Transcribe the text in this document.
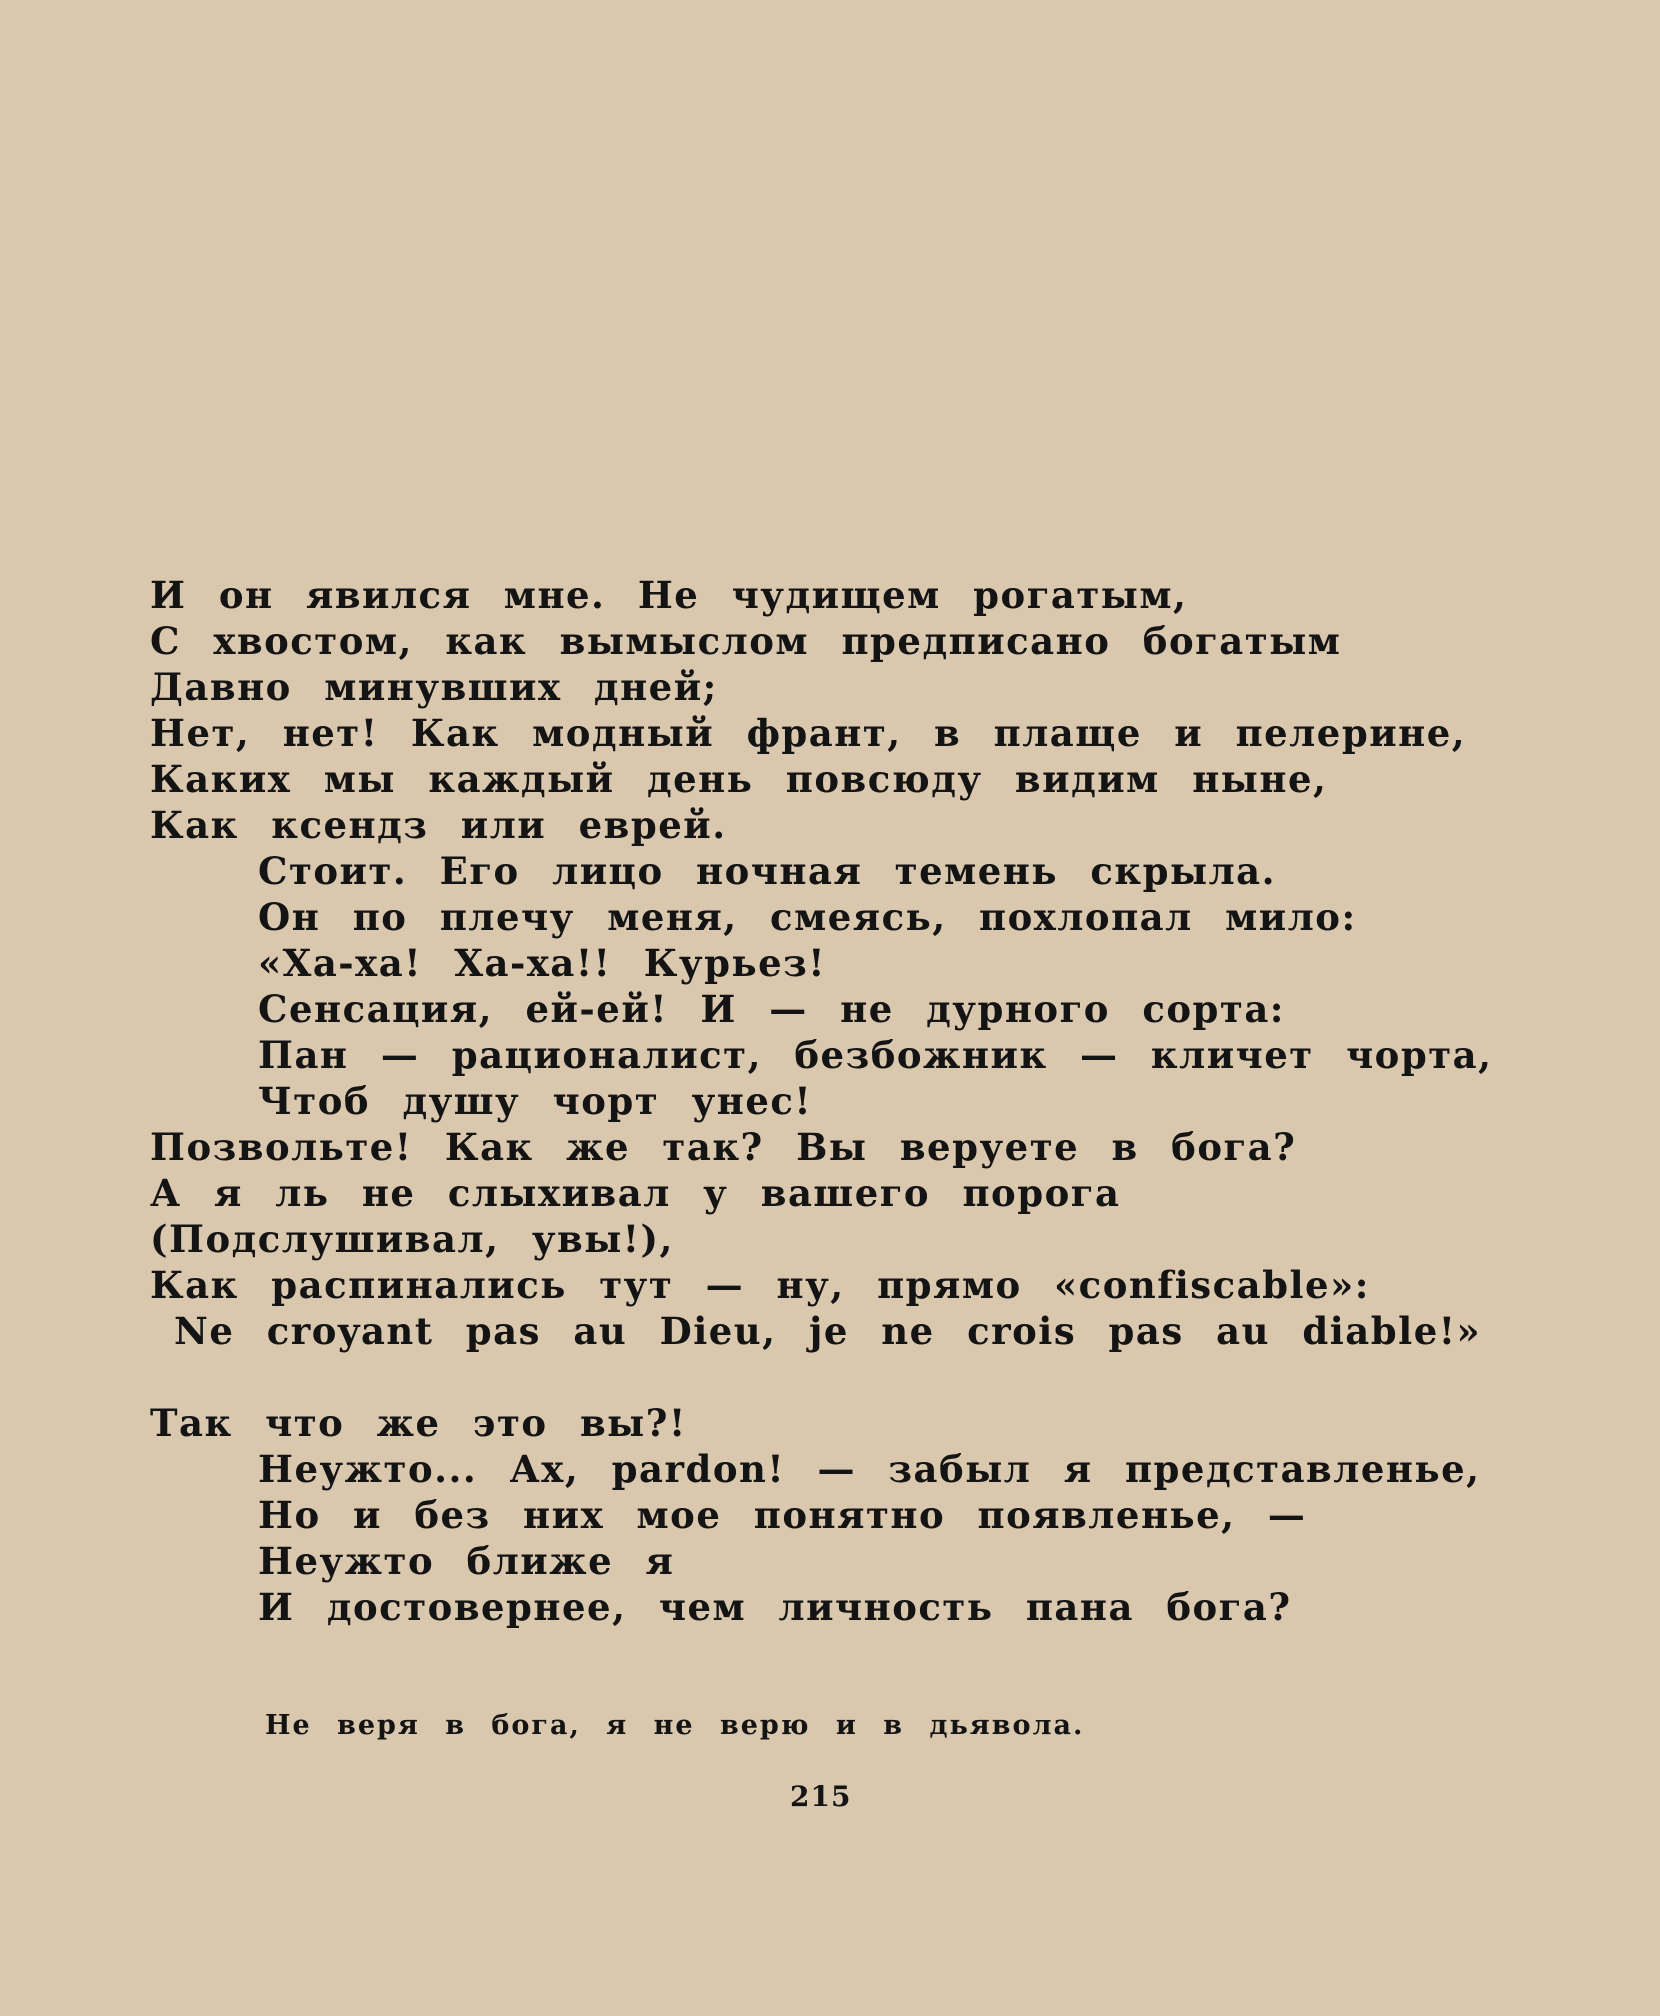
И он явился мне. Не чудищем рогатым,
С хвостом, как вымыслом предписано богатым
Давно минувших дней;
Нет, нет! Как модный франт, в плаще и пелерине,
Каких мы каждый день повсюду видим ныне,
Как ксендз или еврей.
Стоит. Его лицо ночная темень скрыла.
Он по плечу меня, смеясь, похлопал мило:
«Ха-ха! Ха-ха!! Курьез!
Сенсация, ей-ей! И — не дурного сорта:
Пан — рационалист, безбожник — кличет чорта,
Чтоб душу чорт унес!
Позвольте! Как же так? Вы веруете в бога?
А я ль не слыхивал у вашего порога
(Подслушивал, увы!),
Как распинались тут — ну, прямо «confiscable»:
Ne croyant pas au Dieu, je ne crois pas au diable!»
Так что же это вы?!
Неужто... Ах, pardon! — забыл я представленье,
Но и без них мое понятно появленье, —
Неужто ближе я
И достовернее, чем личность пана бога?
Не веря в бога, я не верю и в дьявола.
215
